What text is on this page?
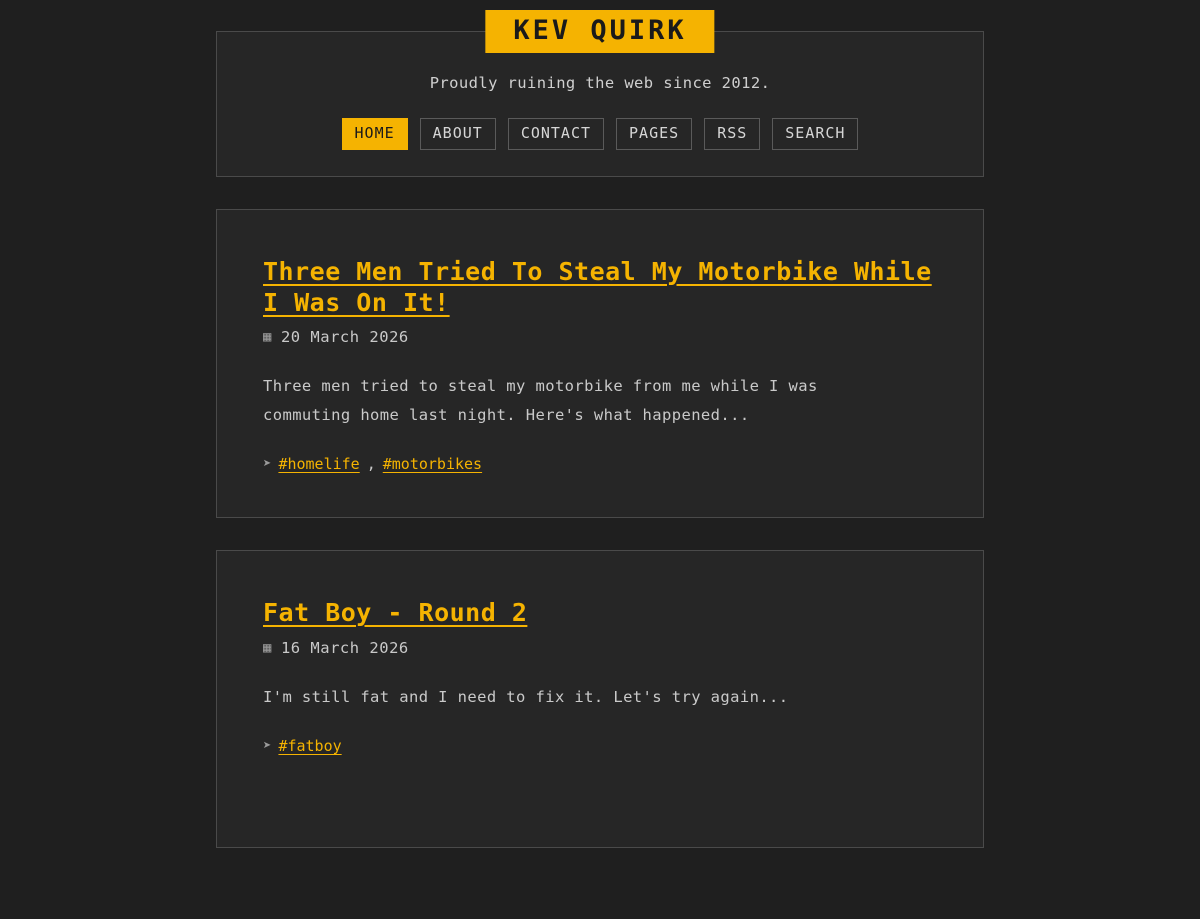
KEV QUIRK

Proudly ruining the web since 2012.

HOME	ABOUT	CONTACT	PAGES	RSS	SEARCH
Three Men Tried To Steal My Motorbike While I Was On It!
▦ 20 March 2026

Three men tried to steal my motorbike from me while I was commuting home last night. Here's what happened...

➤ #homelife , #motorbikes
Fat Boy - Round 2
▦ 16 March 2026

I'm still fat and I need to fix it. Let's try again...

➤ #fatboy
